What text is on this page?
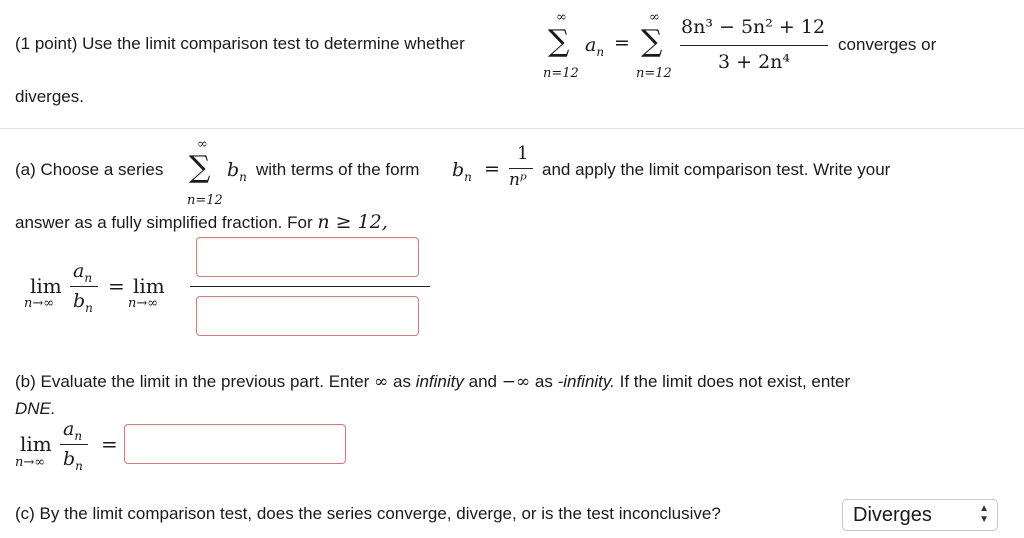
(1 point) Use the limit comparison test to determine whether
∞
∑
n=12
$a_n$ =
∞
∑
n=12
8n³ − 5n² + 12
3 + 2n⁴
converges or
diverges.
(a) Choose a series
∞
∑
n=12
$b_n$ with terms of the form $b_n$ =
1
nᵖ
and apply the limit comparison test. Write your
answer as a fully simplified fraction. For n ≥ 12,
lim
n→∞
$a_n$
$b_n$
= lim
n→∞
(b) Evaluate the limit in the previous part. Enter ∞ as infinity and −∞ as -infinity. If the limit does not exist, enter
DNE.
lim
n→∞
$a_n$
$b_n$
=
(c) By the limit comparison test, does the series converge, diverge, or is the test inconclusive?	Diverges	▲
▼
